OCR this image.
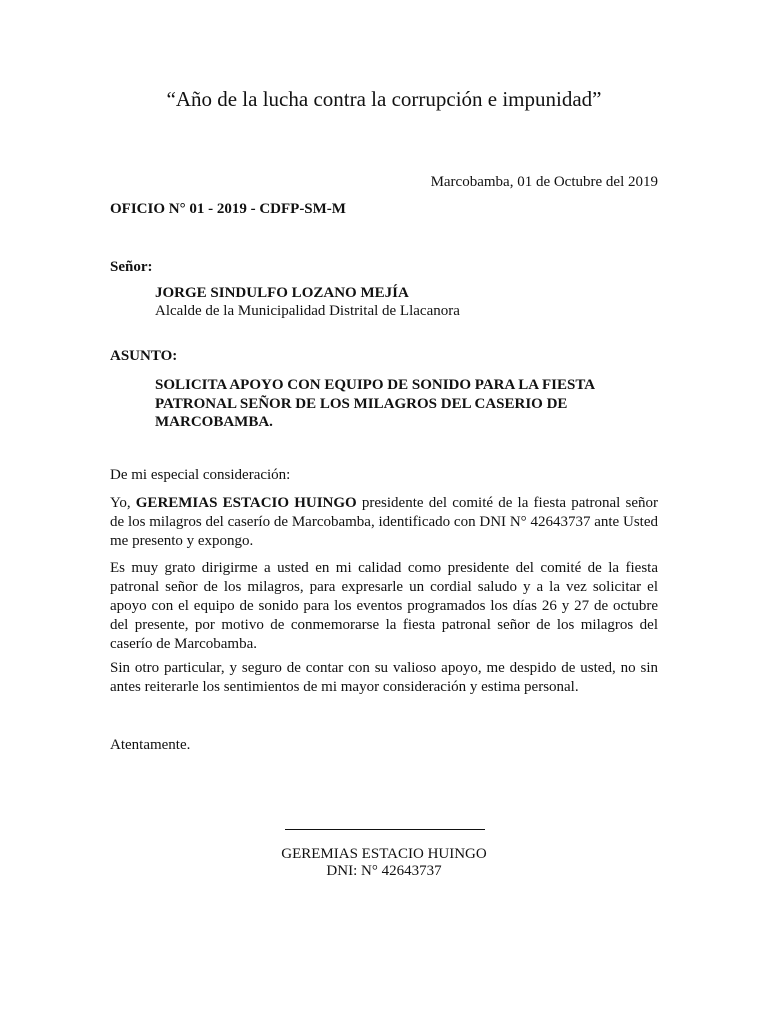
“Año de la lucha contra la corrupción e impunidad”

Marcobamba, 01 de Octubre del 2019

OFICIO N° 01 - 2019 - CDFP-SM-M

Señor:

JORGE SINDULFO LOZANO MEJÍA

Alcalde de la Municipalidad Distrital de Llacanora

ASUNTO:

SOLICITA APOYO CON EQUIPO DE SONIDO PARA LA FIESTA PATRONAL SEÑOR DE LOS MILAGROS DEL CASERIO DE MARCOBAMBA.

De mi especial consideración:

Yo, GEREMIAS ESTACIO HUINGO presidente del comité de la fiesta patronal señor de los milagros del caserío de Marcobamba, identificado con DNI N° 42643737 ante Usted me presento y expongo.

Es muy grato dirigirme a usted en mi calidad como presidente del comité de la fiesta patronal señor de los milagros, para expresarle un cordial saludo y a la vez solicitar el apoyo con el equipo de sonido para los eventos programados los días 26 y 27 de octubre del presente, por motivo de conmemorarse la fiesta patronal señor de los milagros del caserío de Marcobamba.

Sin otro particular, y seguro de contar con su valioso apoyo, me despido de usted, no sin antes reiterarle los sentimientos de mi mayor consideración y estima personal.

Atentamente.

GEREMIAS ESTACIO HUINGO

DNI: N° 42643737
